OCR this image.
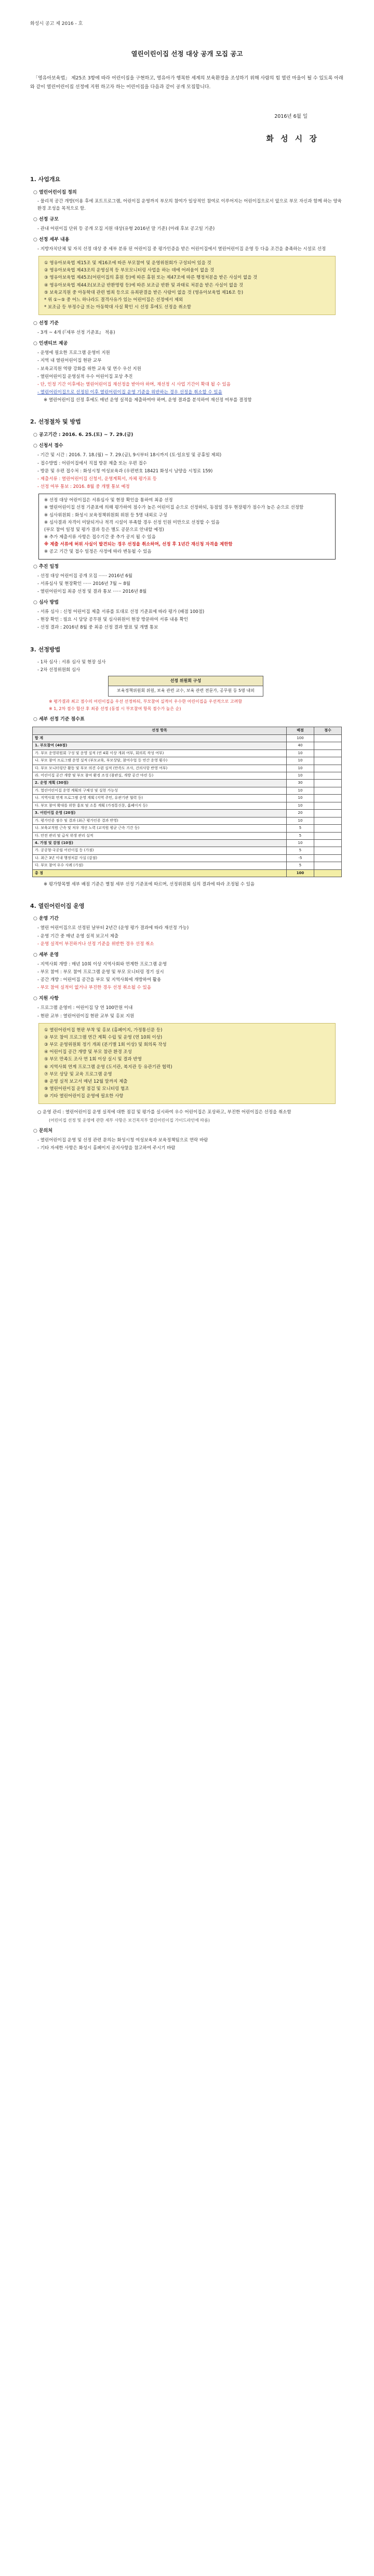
화성시 공고 제 2016 - 호
열린이린이집 선정 대상 공개 모집 공고

「영유아보육법」 제25조 3항에 따라 어린이집을 구현하고, 영유아가 행복한 세계의 보육환경을 조성하기 위해 사람의 힘 열린 마을이 될 수 있도록 아래와 같이 열린어린이집 선정에 지원 하고자 하는 어린이집을 다음과 같이 공개 모집합니다.

2016년 6월 일
화 성 시 장
1. 사업개요
○ 열린어린이집 정의
- 물리적 공간 개방(이용 후에 포트프로그램, 어린이집 운영까지 부모의 참여가 일상적인 참여로 이루어지는 어린이집으로서 앞으로 부모 자신과 함께 하는 양육환경 조성을 목적으로 함.
○ 선정 규모
- 관내 어린이집 단위 등 공개 모집 지원 대상(유형 2016년 말 기준) (아래 후보 공고일 기준)
○ 선정 세부 내용
- 지방자치단체 및 자치 선정 대상 중 세부 분류 된 어린이집 중 평가인증을 받은 어린이집에서 열린어린이집 운영 등 다음 조건을 충족하는 시설로 선정
① 영유아보육법 제15조 및 제16조에 따른 부모참여 및 운영위원회가 구성되어 있을 것
② 영유아보육법 제43조의 운영실적 등 부모모니터링 사업을 하는 데에 어려움이 없을 것
③ 영유아보육법 제45조(어린이집의 휴원 등)에 따른 휴원 또는 제47조에 따른 행정처분을 받은 사실이 없을 것
④ 영유아보육법 제44조(보조금 반환명령 등)에 따른 보조금 반환 및 과태료 처분을 받은 사실이 없을 것
⑤ 보육교직원 중 아동학대 관련 범죄 등으로 유죄판결을 받은 사람이 없을 것 (영유아보육법 제16조 등)
* 위 ①~⑤ 중 어느 하나라도 결격사유가 있는 어린이집은 선정에서 제외
* 보조금 등 부정수급 또는 아동학대 사실 확인 시 선정 후에도 선정을 취소함
○ 선정 기준
- 3개 ~ 4개 (『세부 선정 기준표』 적용)
○ 인센티브 제공
- 운영에 필요한 프로그램 운영비 지원
- 지역 내 열린어린이집 현판 교부
- 보육교직원 역량 강화를 위한 교육 및 연수 우선 지원
- 열린어린이집 운영실적 우수 어린이집 포상 추진
- 단, 인정 기간 이후에는 열린어린이집 재선정을 받아야 하며, 재선정 시 사업 기간이 확대 될 수 있음
- 열린어린이집으로 선정된 이후 열린어린이집 운영 기준을 위반하는 경우 선정을 취소할 수 있음
※ 열린어린이집 선정 후에도 매년 운영 실적을 제출하여야 하며, 운영 결과를 분석하여 재선정 여부를 결정함
2. 선정절차 및 방법
○ 공고기간 : 2016. 6. 25.(토) ~ 7. 29.(금)
○ 신청서 접수
- 기간 및 시간 : 2016. 7. 18.(월) ~ 7. 29.(금), 9시부터 18시까지 (토·일요일 및 공휴일 제외)
- 접수방법 : 어린이집에서 직접 방문 제출 또는 우편 접수
- 방문 및 우편 접수처 : 화성시청 여성보육과 (우편번호 18421 화성시 남양읍 시청로 159)
- 제출서류 : 열린어린이집 신청서, 운영계획서, 자체 평가표 등
- 선정 여부 통보 : 2016. 8월 중 개별 통보 예정
※ 선정 대상 어린이집은 서류심사 및 현장 확인을 통하여 최종 선정
※ 열린어린이집 선정 기준표에 의해 평가하여 점수가 높은 어린이집 순으로 선정하되, 동점일 경우 현장평가 점수가 높은 순으로 선정함
※ 심사위원회 : 화성시 보육정책위원회 위원 등 5명 내외로 구성
※ 심사결과 자격이 미달되거나 적격 시설이 부족할 경우 선정 인원 미만으로 선정할 수 있음
(부모 참여 일정 및 평가 결과 등은 별도 공문으로 안내할 예정)
※ 추가 제출서류 사항은 접수기간 중 추가 공지 될 수 있음
※ 제출 서류에 허위 사실이 발견되는 경우 선정을 취소하며, 선정 후 1년간 재신청 자격을 제한함
※ 공고 기간 및 접수 일정은 사정에 따라 변동될 수 있음
○ 추진 일정
- 선정 대상 어린이집 공개 모집 ······ 2016년 6월
- 서류심사 및 현장확인 ······ 2016년 7월 ~ 8월
- 열린어린이집 최종 선정 및 결과 통보 ······ 2016년 8월
○ 심사 방법
- 서류 심사 : 신청 어린이집 제출 서류를 토대로 선정 기준표에 따라 평가 (배점 100점)
- 현장 확인 : 필요 시 담당 공무원 및 심사위원이 현장 방문하여 서류 내용 확인
- 선정 결과 : 2016년 8월 중 최종 선정 결과 발표 및 개별 통보
3. 선정방법
- 1차 심사 : 서류 심사 및 현장 실사
- 2차 선정위원회 심사
선정 위원회 구성
보육정책위원회 위원, 보육 관련 교수, 보육 관련 전문가, 공무원 등 5명 내외
※ 평가결과 최고 점수의 어린이집을 우선 선정하되, 부모참여 실적이 우수한 어린이집을 우선적으로 고려함
※ 1, 2차 점수 합산 후 최종 선정 (동점 시 부모참여 항목 점수가 높은 순)
○ 세부 선정 기준 점수표
선정 항목	배점	점수
합 계	100	
1. 부모참여 (40점)	40	
가. 부모 운영위원회 구성 및 운영 실적 (연 4회 이상 개최 여부, 회의록 작성 여부)	10	
나. 부모 참여 프로그램 운영 실적 (부모교육, 부모상담, 참여수업 등 연간 운영 횟수)	10	
다. 부모 모니터링단 활동 및 부모 의견 수렴 실적 (만족도 조사, 건의사항 반영 여부)	10	
라. 어린이집 공간 개방 및 부모 참여 환경 조성 (참관실, 개방 공간 마련 등)	10	
2. 운영 계획 (30점)	30	
가. 열린어린이집 운영 계획의 구체성 및 실현 가능성	10	
나. 지역사회 연계 프로그램 운영 계획 (지역 주민, 유관기관 협력 등)	10	
다. 부모 참여 확대를 위한 홍보 및 소통 계획 (가정통신문, 홈페이지 등)	10	
3. 어린이집 운영 (20점)	20	
가. 평가인증 점수 및 결과 (최근 평가인증 결과 반영)	10	
나. 보육교직원 근속 및 처우 개선 노력 (교직원 평균 근속 기간 등)	5	
다. 안전 관리 및 급식 위생 관리 실적	5	
4. 가점 및 감점 (10점)	10	
가. 공공형·국공립 어린이집 등 (가점)	5	
나. 최근 3년 이내 행정처분 사실 (감점)	-5	
다. 부모 참여 우수 사례 (가점)	5	
총 점	100	
※ 평가항목별 세부 배점 기준은 별첨 세부 선정 기준표에 따르며, 선정위원회 심의 결과에 따라 조정될 수 있음
4. 열린어린이집 운영
○ 운영 기간
- 열린 어린이집으로 선정된 날부터 2년간 (운영 평가 결과에 따라 재선정 가능)
- 운영 기간 중 매년 운영 실적 보고서 제출
- 운영 실적이 부진하거나 선정 기준을 위반한 경우 선정 취소
○ 세부 운영
- 지역사회 개방 : 매년 10회 이상 지역사회와 연계한 프로그램 운영
- 부모 참여 : 부모 참여 프로그램 운영 및 부모 모니터링 정기 실시
- 공간 개방 : 어린이집 공간을 부모 및 지역사회에 개방하여 활용
- 부모 참여 실적이 없거나 부진한 경우 선정 취소될 수 있음
○ 지원 사항
- 프로그램 운영비 : 어린이집 당 연 100만원 이내
- 현판 교부 : 열린어린이집 현판 교부 및 홍보 지원
① 열린어린이집 현판 부착 및 홍보 (홈페이지, 가정통신문 등)
② 부모 참여 프로그램 연간 계획 수립 및 운영 (연 10회 이상)
③ 부모 운영위원회 정기 개최 (분기별 1회 이상) 및 회의록 작성
④ 어린이집 공간 개방 및 부모 참관 환경 조성
⑤ 부모 만족도 조사 연 1회 이상 실시 및 결과 반영
⑥ 지역사회 연계 프로그램 운영 (도서관, 복지관 등 유관기관 협력)
⑦ 부모 상담 및 교육 프로그램 운영
⑧ 운영 실적 보고서 매년 12월 말까지 제출
⑨ 열린어린이집 운영 점검 및 모니터링 협조
⑩ 기타 열린어린이집 운영에 필요한 사항
○ 운영 관리 : 열린어린이집 운영 실적에 대한 점검 및 평가를 실시하여 우수 어린이집은 포상하고, 부진한 어린이집은 선정을 취소함
(어린이집 선정 및 운영에 관한 세부 사항은 보건복지부 열린어린이집 가이드라인에 따름)
○ 문의처
- 열린어린이집 운영 및 선정 관련 문의는 화성시청 여성보육과 보육정책팀으로 연락 바람
- 기타 자세한 사항은 화성시 홈페이지 공지사항을 참고하여 주시기 바람
